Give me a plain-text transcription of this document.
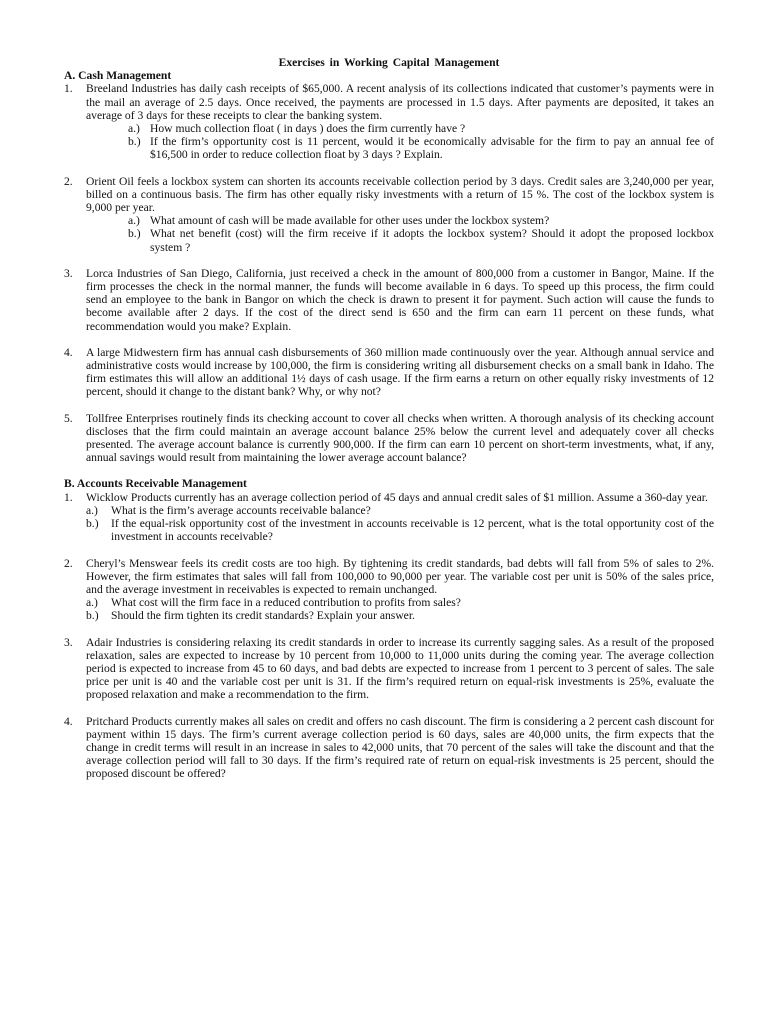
Exercises in Working Capital Management

A. Cash Management

1. Breeland Industries has daily cash receipts of $65,000. A recent analysis of its collections indicated that customer’s payments were in the mail an average of 2.5 days. Once received, the payments are processed in 1.5 days. After payments are deposited, it takes an average of 3 days for these receipts to clear the banking system.

a.) How much collection float ( in days ) does the firm currently have ?

b.) If the firm’s opportunity cost is 11 percent, would it be economically advisable for the firm to pay an annual fee of $16,500 in order to reduce collection float by 3 days ? Explain.

2. Orient Oil feels a lockbox system can shorten its accounts receivable collection period by 3 days. Credit sales are 3,240,000 per year, billed on a continuous basis. The firm has other equally risky investments with a return of 15 %. The cost of the lockbox system is 9,000 per year.

a.) What amount of cash will be made available for other uses under the lockbox system?

b.) What net benefit (cost) will the firm receive if it adopts the lockbox system? Should it adopt the proposed lockbox system ?

3. Lorca Industries of San Diego, California, just received a check in the amount of 800,000 from a customer in Bangor, Maine. If the firm processes the check in the normal manner, the funds will become available in 6 days. To speed up this process, the firm could send an employee to the bank in Bangor on which the check is drawn to present it for payment. Such action will cause the funds to become available after 2 days. If the cost of the direct send is 650 and the firm can earn 11 percent on these funds, what recommendation would you make? Explain.
4. A large Midwestern firm has annual cash disbursements of 360 million made continuously over the year. Although annual service and administrative costs would increase by 100,000, the firm is considering writing all disbursement checks on a small bank in Idaho. The firm estimates this will allow an additional 1½ days of cash usage. If the firm earns a return on other equally risky investments of 12 percent, should it change to the distant bank? Why, or why not?
5. Tollfree Enterprises routinely finds its checking account to cover all checks when written. A thorough analysis of its checking account discloses that the firm could maintain an average account balance 25% below the current level and adequately cover all checks presented. The average account balance is currently 900,000. If the firm can earn 10 percent on short-term investments, what, if any, annual savings would result from maintaining the lower average account balance?

B. Accounts Receivable Management

1. Wicklow Products currently has an average collection period of 45 days and annual credit sales of $1 million. Assume a 360-day year.

a.) What is the firm’s average accounts receivable balance?

b.) If the equal-risk opportunity cost of the investment in accounts receivable is 12 percent, what is the total opportunity cost of the investment in accounts receivable?

2. Cheryl’s Menswear feels its credit costs are too high. By tightening its credit standards, bad debts will fall from 5% of sales to 2%. However, the firm estimates that sales will fall from 100,000 to 90,000 per year. The variable cost per unit is 50% of the sales price, and the average investment in receivables is expected to remain unchanged.

a.) What cost will the firm face in a reduced contribution to profits from sales?

b.) Should the firm tighten its credit standards? Explain your answer.

3. Adair Industries is considering relaxing its credit standards in order to increase its currently sagging sales. As a result of the proposed relaxation, sales are expected to increase by 10 percent from 10,000 to 11,000 units during the coming year. The average collection period is expected to increase from 45 to 60 days, and bad debts are expected to increase from 1 percent to 3 percent of sales. The sale price per unit is 40 and the variable cost per unit is 31. If the firm’s required return on equal-risk investments is 25%, evaluate the proposed relaxation and make a recommendation to the firm.
4. Pritchard Products currently makes all sales on credit and offers no cash discount. The firm is considering a 2 percent cash discount for payment within 15 days. The firm’s current average collection period is 60 days, sales are 40,000 units, the firm expects that the change in credit terms will result in an increase in sales to 42,000 units, that 70 percent of the sales will take the discount and that the average collection period will fall to 30 days. If the firm’s required rate of return on equal-risk investments is 25 percent, should the proposed discount be offered?
